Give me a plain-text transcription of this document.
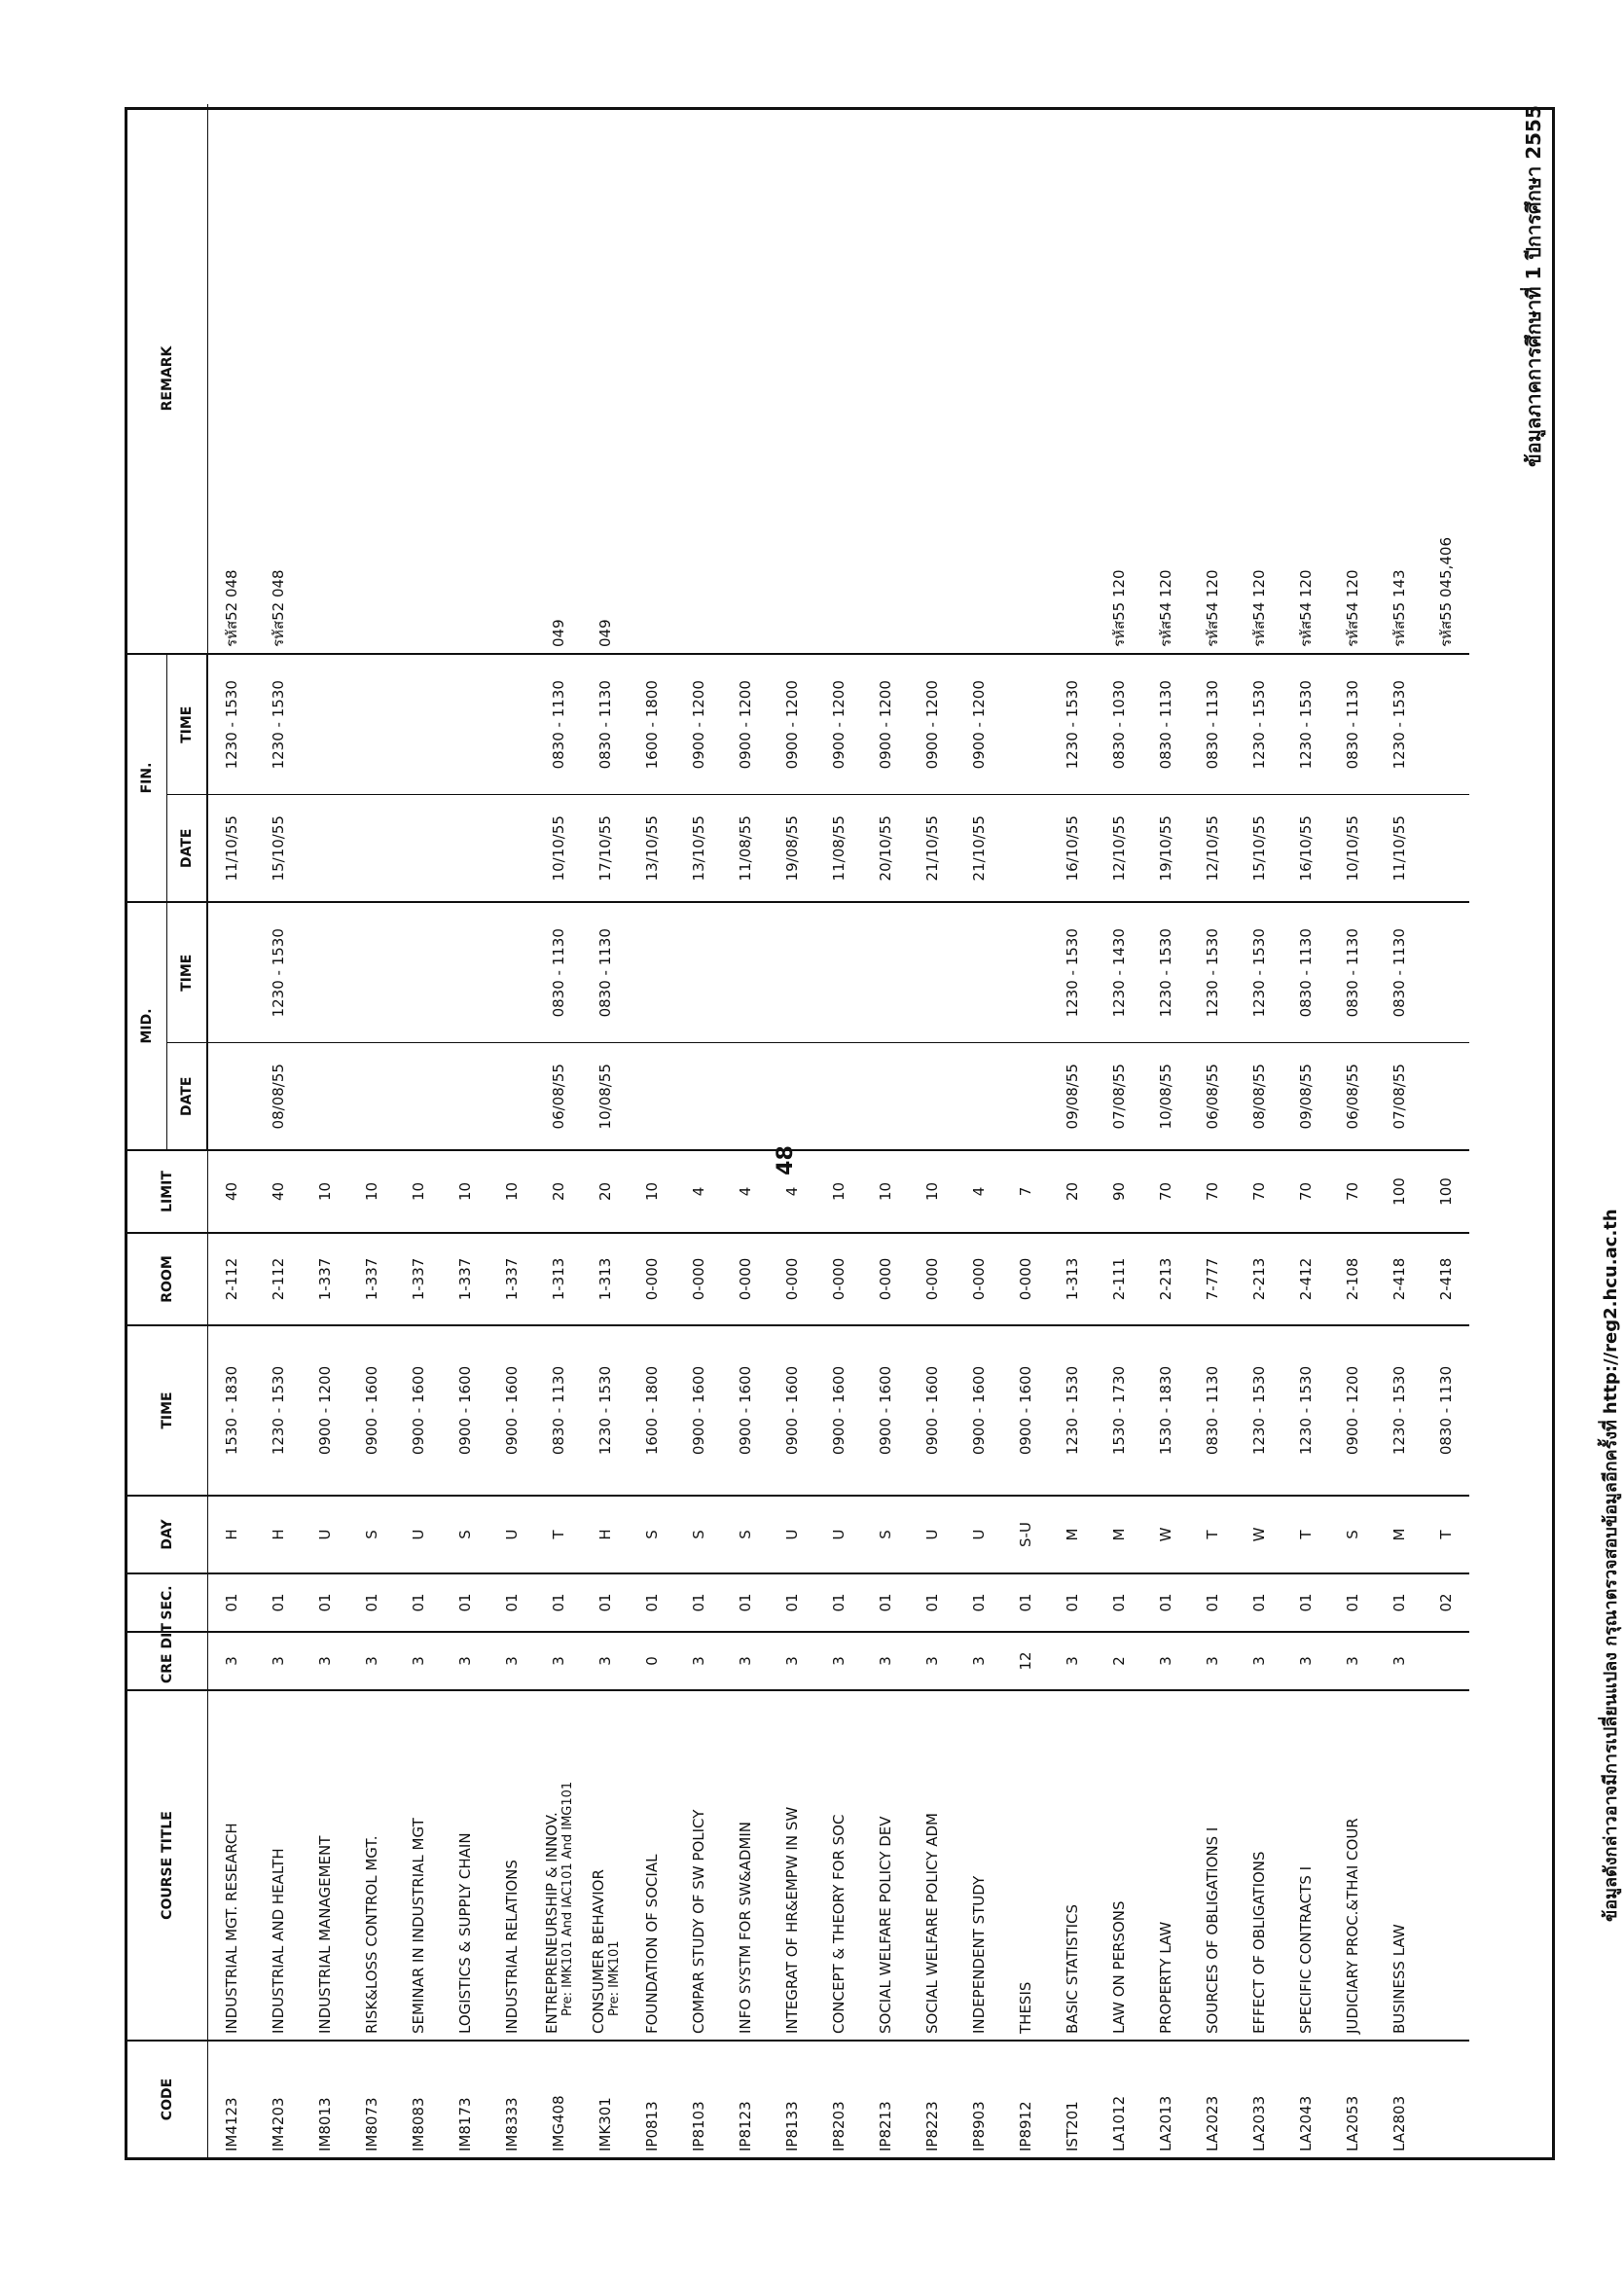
ข้อมูลภาคการศึกษาที่ 1 ปีการศึกษา 2555
48
ข้อมูลดังกล่าวอาจมีการเปลี่ยนแปลง กรุณาตรวจสอบข้อมูลอีกครั้งที่http://reg2.hcu.ac.th
CODE	COURSE TITLE	CRE DIT	SEC.	DAY	TIME	ROOM	LIMIT	MID.		FIN.		REMARK
								DATE	TIME	DATE	TIME	
IM4123	INDUSTRIAL MGT. RESEARCH	3	01	H	1530 - 1830	2-112	40			11/10/55	1230 - 1530	รหัส52 048
IM4203	INDUSTRIAL AND HEALTH	3	01	H	1230 - 1530	2-112	40	08/08/55	1230 - 1530	15/10/55	1230 - 1530	รหัส52 048
IM8013	INDUSTRIAL MANAGEMENT	3	01	U	0900 - 1200	1-337	10					
IM8073	RISK&LOSS CONTROL MGT.	3	01	S	0900 - 1600	1-337	10					
IM8083	SEMINAR IN INDUSTRIAL MGT	3	01	U	0900 - 1600	1-337	10					
IM8173	LOGISTICS & SUPPLY CHAIN	3	01	S	0900 - 1600	1-337	10					
IM8333	INDUSTRIAL RELATIONS	3	01	U	0900 - 1600	1-337	10					
IMG408	ENTREPRENEURSHIP & INNOV. Pre: IMK101 And IAC101 And IMG101	3	01	T	0830 - 1130	1-313	20	06/08/55	0830 - 1130	10/10/55	0830 - 1130	049
IMK301	CONSUMER BEHAVIOR Pre: IMK101	3	01	H	1230 - 1530	1-313	20	10/08/55	0830 - 1130	17/10/55	0830 - 1130	049
IP0813	FOUNDATION OF SOCIAL	0	01	S	1600 - 1800	0-000	10			13/10/55	1600 - 1800	
IP8103	COMPAR STUDY OF SW POLICY	3	01	S	0900 - 1600	0-000	4			13/10/55	0900 - 1200	
IP8123	INFO SYSTM FOR SW&ADMIN	3	01	S	0900 - 1600	0-000	4			11/08/55	0900 - 1200	
IP8133	INTEGRAT OF HR&EMPW IN SW	3	01	U	0900 - 1600	0-000	4			19/08/55	0900 - 1200	
IP8203	CONCEPT & THEORY FOR SOC	3	01	U	0900 - 1600	0-000	10			11/08/55	0900 - 1200	
IP8213	SOCIAL WELFARE POLICY DEV	3	01	S	0900 - 1600	0-000	10			20/10/55	0900 - 1200	
IP8223	SOCIAL WELFARE POLICY ADM	3	01	U	0900 - 1600	0-000	10			21/10/55	0900 - 1200	
IP8903	INDEPENDENT STUDY	3	01	U	0900 - 1600	0-000	4			21/10/55	0900 - 1200	
IP8912	THESIS	12	01	S-U	0900 - 1600	0-000	7					
IST201	BASIC STATISTICS	3	01	M	1230 - 1530	1-313	20	09/08/55	1230 - 1530	16/10/55	1230 - 1530	
LA1012	LAW ON PERSONS	2	01	M	1530 - 1730	2-111	90	07/08/55	1230 - 1430	12/10/55	0830 - 1030	รหัส55 120
LA2013	PROPERTY LAW	3	01	W	1530 - 1830	2-213	70	10/08/55	1230 - 1530	19/10/55	0830 - 1130	รหัส54 120
LA2023	SOURCES OF OBLIGATIONS I	3	01	T	0830 - 1130	7-777	70	06/08/55	1230 - 1530	12/10/55	0830 - 1130	รหัส54 120
LA2033	EFFECT OF OBLIGATIONS	3	01	W	1230 - 1530	2-213	70	08/08/55	1230 - 1530	15/10/55	1230 - 1530	รหัส54 120
LA2043	SPECIFIC CONTRACTS I	3	01	T	1230 - 1530	2-412	70	09/08/55	0830 - 1130	16/10/55	1230 - 1530	รหัส54 120
LA2053	JUDICIARY PROC.&THAI COUR	3	01	S	0900 - 1200	2-108	70	06/08/55	0830 - 1130	10/10/55	0830 - 1130	รหัส54 120
LA2803	BUSINESS LAW	3	01	M	1230 - 1530	2-418	100	07/08/55	0830 - 1130	11/10/55	1230 - 1530	รหัส55 143
			02	T	0830 - 1130	2-418	100					รหัส55 045,406
